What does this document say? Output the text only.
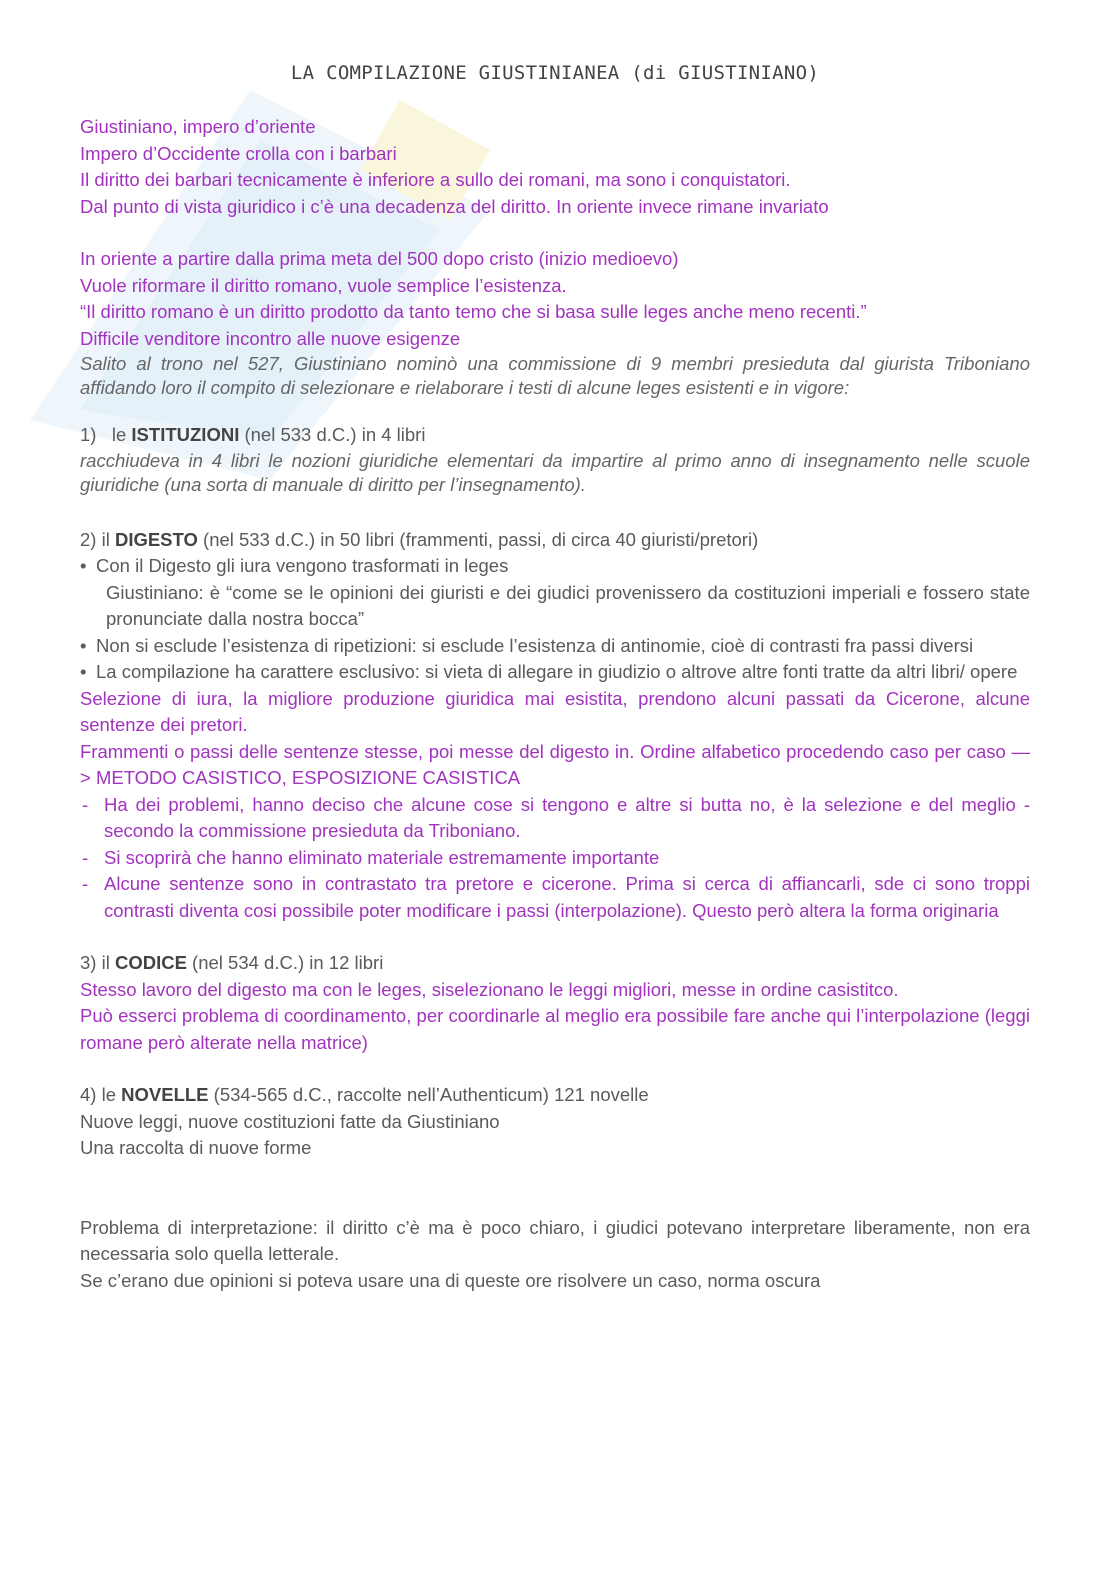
LA COMPILAZIONE GIUSTINIANEA (di GIUSTINIANO)

Giustiniano, impero d’oriente

Impero d’Occidente crolla con i barbari

Il diritto dei barbari tecnicamente è inferiore a sullo dei romani, ma sono i conquistatori.

Dal punto di vista giuridico i c’è una decadenza del diritto. In oriente invece rimane invariato

In oriente a partire dalla prima meta del 500 dopo cristo (inizio medioevo)

Vuole riformare il diritto romano, vuole semplice l’esistenza.

“Il diritto romano è un diritto prodotto da tanto temo che si basa sulle leges anche meno recenti.”

Difficile venditore incontro alle nuove esigenze

Salito al trono nel 527, Giustiniano nominò una commissione di 9 membri presieduta dal giurista Triboniano affidando loro il compito di selezionare e rielaborare i testi di alcune leges esistenti e in vigore:

1)   le ISTITUZIONI (nel 533 d.C.) in 4 libri

racchiudeva in 4 libri le nozioni giuridiche elementari da impartire al primo anno di insegnamento nelle scuole giuridiche (una sorta di manuale di diritto per l’insegnamento).

2) il DIGESTO (nel 533 d.C.) in 50 libri (frammenti, passi, di circa 40 giuristi/pretori)

• Con il Digesto gli iura vengono trasformati in leges

Giustiniano: è “come se le opinioni dei giuristi e dei giudici provenissero da costituzioni imperiali e fossero state pronunciate dalla nostra bocca”

• Non si esclude l’esistenza di ripetizioni: si esclude l’esistenza di antinomie, cioè di contrasti fra passi diversi
• La compilazione ha carattere esclusivo: si vieta di allegare in giudizio o altrove altre fonti tratte da altri libri/ opere

Selezione di iura, la migliore produzione giuridica mai esistita, prendono alcuni passati da Cicerone, alcune sentenze dei pretori.

Frammenti o passi delle sentenze stesse, poi messe del digesto in. Ordine alfabetico procedendo caso per caso —> METODO CASISTICO, ESPOSIZIONE CASISTICA

- Ha dei problemi, hanno deciso che alcune cose si tengono e altre si butta no, è la selezione e del meglio - secondo la commissione presieduta da Triboniano.
- Si scoprirà che hanno eliminato materiale estremamente importante
- Alcune sentenze sono in contrastato tra pretore e cicerone. Prima si cerca di affiancarli, sde ci sono troppi contrasti diventa cosi possibile poter modificare i passi (interpolazione). Questo però altera la forma originaria

3) il CODICE (nel 534 d.C.) in 12 libri

Stesso lavoro del digesto ma con le leges, siselezionano le leggi migliori, messe in ordine casistitco.

Può esserci problema di coordinamento, per coordinarle al meglio era possibile fare anche qui l’interpolazione (leggi romane però alterate nella matrice)

4) le NOVELLE (534-565 d.C., raccolte nell’Authenticum) 121 novelle

Nuove leggi, nuove costituzioni fatte da Giustiniano

Una raccolta di nuove forme

Problema di interpretazione: il diritto c’è ma è poco chiaro, i giudici potevano interpretare liberamente, non era necessaria solo quella letterale.

Se c’erano due opinioni si poteva usare una di queste ore risolvere un caso, norma oscura
